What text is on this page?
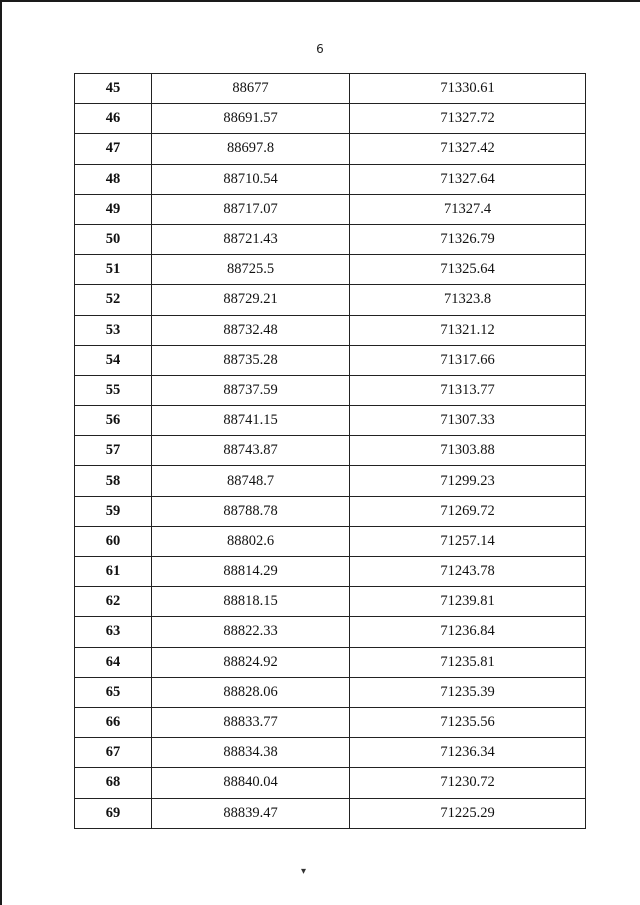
6
45	88677	71330.61
46	88691.57	71327.72
47	88697.8	71327.42
48	88710.54	71327.64
49	88717.07	71327.4
50	88721.43	71326.79
51	88725.5	71325.64
52	88729.21	71323.8
53	88732.48	71321.12
54	88735.28	71317.66
55	88737.59	71313.77
56	88741.15	71307.33
57	88743.87	71303.88
58	88748.7	71299.23
59	88788.78	71269.72
60	88802.6	71257.14
61	88814.29	71243.78
62	88818.15	71239.81
63	88822.33	71236.84
64	88824.92	71235.81
65	88828.06	71235.39
66	88833.77	71235.56
67	88834.38	71236.34
68	88840.04	71230.72
69	88839.47	71225.29
▾
